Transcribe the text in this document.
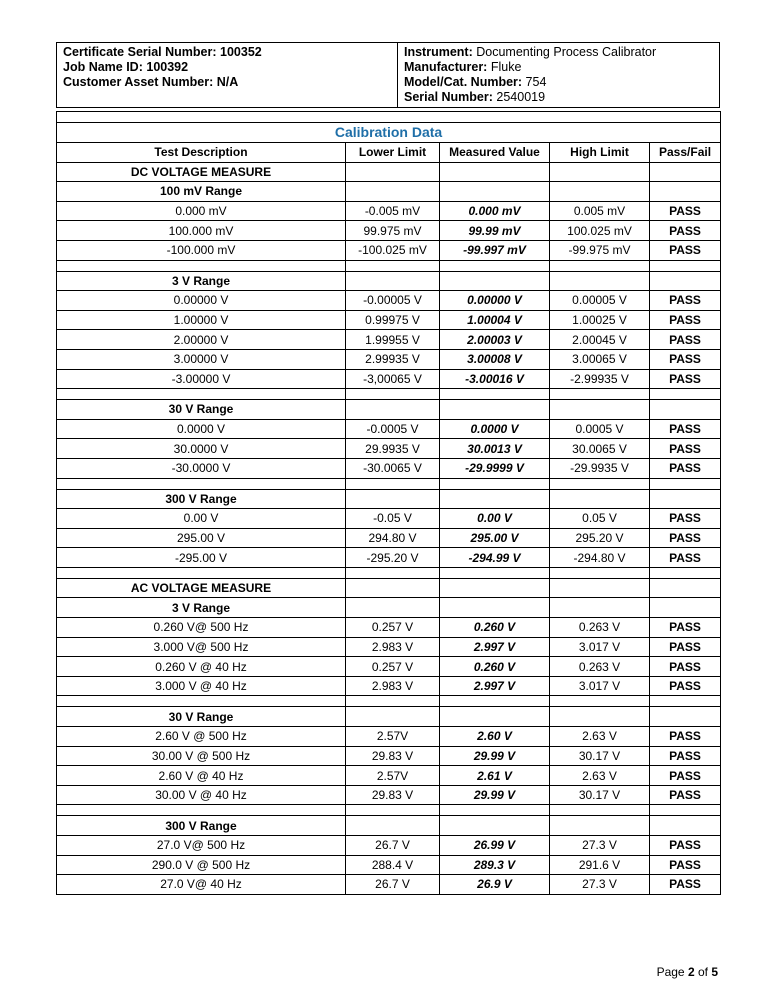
Certificate Serial Number: 100352
Job Name ID: 100392
Customer Asset Number: N/A

Instrument: Documenting Process Calibrator
Manufacturer: Fluke
Model/Cat. Number: 754
Serial Number: 2540019

Calibration Data				
Test Description	Lower Limit	Measured Value	High Limit	Pass/Fail
DC VOLTAGE MEASURE				
100 mV Range				
0.000 mV	-0.005 mV	0.000 mV	0.005 mV	PASS
100.000 mV	99.975 mV	99.99 mV	100.025 mV	PASS
-100.000 mV	-100.025 mV	-99.997 mV	-99.975 mV	PASS

3 V Range				
0.00000 V	-0.00005 V	0.00000 V	0.00005 V	PASS
1.00000 V	0.99975 V	1.00004 V	1.00025 V	PASS
2.00000 V	1.99955 V	2.00003 V	2.00045 V	PASS
3.00000 V	2.99935 V	3.00008 V	3.00065 V	PASS
-3.00000 V	-3,00065 V	-3.00016 V	-2.99935 V	PASS

30 V Range				
0.0000 V	-0.0005 V	0.0000 V	0.0005 V	PASS
30.0000 V	29.9935 V	30.0013 V	30.0065 V	PASS
-30.0000 V	-30.0065 V	-29.9999 V	-29.9935 V	PASS

300 V Range				
0.00 V	-0.05 V	0.00 V	0.05 V	PASS
295.00 V	294.80 V	295.00 V	295.20 V	PASS
-295.00 V	-295.20 V	-294.99 V	-294.80 V	PASS

AC VOLTAGE MEASURE				
3 V Range				
0.260 V@ 500 Hz	0.257 V	0.260 V	0.263 V	PASS
3.000 V@ 500 Hz	2.983 V	2.997 V	3.017 V	PASS
0.260 V @ 40 Hz	0.257 V	0.260 V	0.263 V	PASS
3.000 V @ 40 Hz	2.983 V	2.997 V	3.017 V	PASS

30 V Range				
2.60 V @ 500 Hz	2.57V	2.60 V	2.63 V	PASS
30.00 V @ 500 Hz	29.83 V	29.99 V	30.17 V	PASS
2.60 V @ 40 Hz	2.57V	2.61 V	2.63 V	PASS
30.00 V @ 40 Hz	29.83 V	29.99 V	30.17 V	PASS

300 V Range				
27.0 V@ 500 Hz	26.7 V	26.99 V	27.3 V	PASS
290.0 V @ 500 Hz	288.4 V	289.3 V	291.6 V	PASS
27.0 V@ 40 Hz	26.7 V	26.9 V	27.3 V	PASS
Page 2 of 5
